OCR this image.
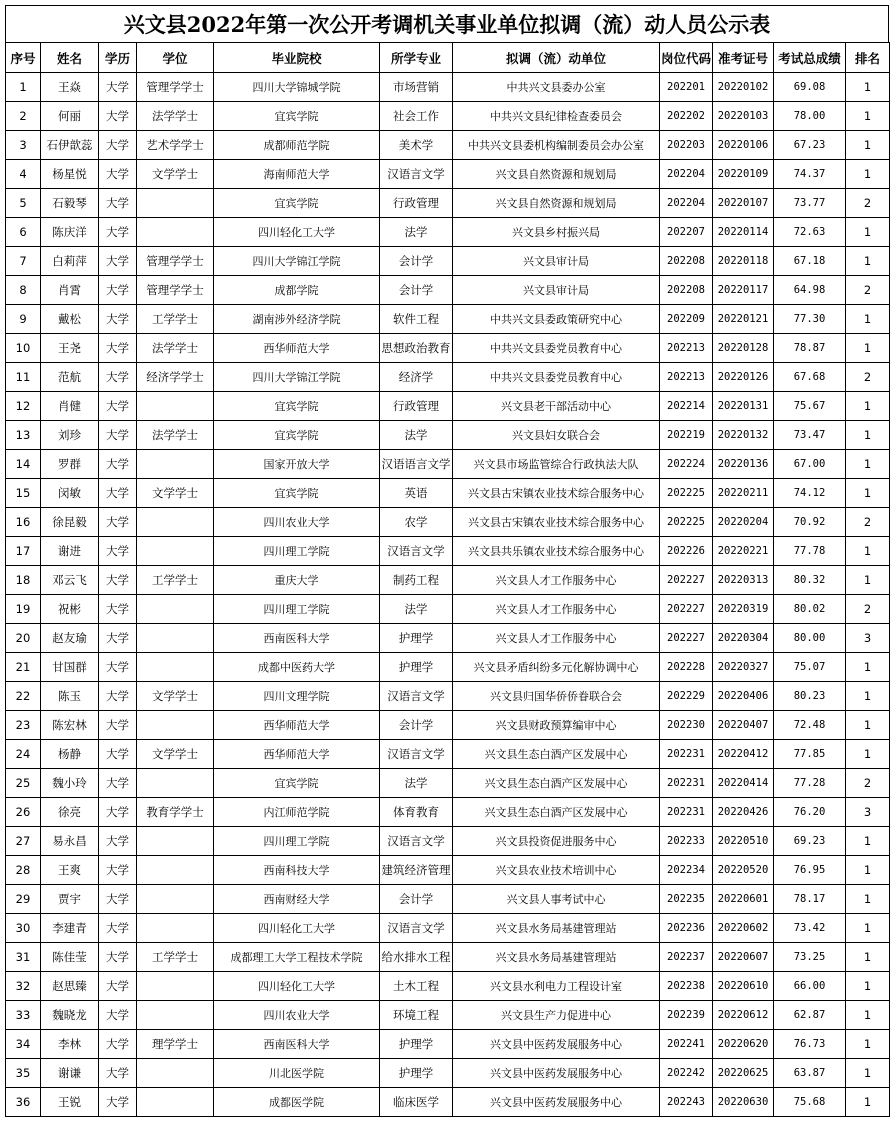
兴文县2022年第一次公开考调机关事业单位拟调（流）动人员公示表
序号	姓名	学历	学位	毕业院校	所学专业	拟调（流）动单位	岗位代码	准考证号	考试总成绩	排名
1	王焱	大学	管理学学士	四川大学锦城学院	市场营销	中共兴文县委办公室	202201	20220102	69.08	1
2	何丽	大学	法学学士	宜宾学院	社会工作	中共兴文县纪律检查委员会	202202	20220103	78.00	1
3	石伊歆蕊	大学	艺术学学士	成都师范学院	美术学	中共兴文县委机构编制委员会办公室	202203	20220106	67.23	1
4	杨星悦	大学	文学学士	海南师范大学	汉语言文学	兴文县自然资源和规划局	202204	20220109	74.37	1
5	石毅琴	大学		宜宾学院	行政管理	兴文县自然资源和规划局	202204	20220107	73.77	2
6	陈庆洋	大学		四川轻化工大学	法学	兴文县乡村振兴局	202207	20220114	72.63	1
7	白莉萍	大学	管理学学士	四川大学锦江学院	会计学	兴文县审计局	202208	20220118	67.18	1
8	肖霄	大学	管理学学士	成都学院	会计学	兴文县审计局	202208	20220117	64.98	2
9	戴松	大学	工学学士	湖南涉外经济学院	软件工程	中共兴文县委政策研究中心	202209	20220121	77.30	1
10	王尧	大学	法学学士	西华师范大学	思想政治教育	中共兴文县委党员教育中心	202213	20220128	78.87	1
11	范航	大学	经济学学士	四川大学锦江学院	经济学	中共兴文县委党员教育中心	202213	20220126	67.68	2
12	肖健	大学		宜宾学院	行政管理	兴文县老干部活动中心	202214	20220131	75.67	1
13	刘珍	大学	法学学士	宜宾学院	法学	兴文县妇女联合会	202219	20220132	73.47	1
14	罗群	大学		国家开放大学	汉语语言文学	兴文县市场监管综合行政执法大队	202224	20220136	67.00	1
15	闵敏	大学	文学学士	宜宾学院	英语	兴文县古宋镇农业技术综合服务中心	202225	20220211	74.12	1
16	徐昆毅	大学		四川农业大学	农学	兴文县古宋镇农业技术综合服务中心	202225	20220204	70.92	2
17	谢进	大学		四川理工学院	汉语言文学	兴文县共乐镇农业技术综合服务中心	202226	20220221	77.78	1
18	邓云飞	大学	工学学士	重庆大学	制药工程	兴文县人才工作服务中心	202227	20220313	80.32	1
19	祝彬	大学		四川理工学院	法学	兴文县人才工作服务中心	202227	20220319	80.02	2
20	赵友瑜	大学		西南医科大学	护理学	兴文县人才工作服务中心	202227	20220304	80.00	3
21	甘国群	大学		成都中医药大学	护理学	兴文县矛盾纠纷多元化解协调中心	202228	20220327	75.07	1
22	陈玉	大学	文学学士	四川文理学院	汉语言文学	兴文县归国华侨侨眷联合会	202229	20220406	80.23	1
23	陈宏林	大学		西华师范大学	会计学	兴文县财政预算编审中心	202230	20220407	72.48	1
24	杨静	大学	文学学士	西华师范大学	汉语言文学	兴文县生态白酒产区发展中心	202231	20220412	77.85	1
25	魏小玲	大学		宜宾学院	法学	兴文县生态白酒产区发展中心	202231	20220414	77.28	2
26	徐亮	大学	教育学学士	内江师范学院	体育教育	兴文县生态白酒产区发展中心	202231	20220426	76.20	3
27	易永昌	大学		四川理工学院	汉语言文学	兴文县投资促进服务中心	202233	20220510	69.23	1
28	王爽	大学		西南科技大学	建筑经济管理	兴文县农业技术培训中心	202234	20220520	76.95	1
29	贾宇	大学		西南财经大学	会计学	兴文县人事考试中心	202235	20220601	78.17	1
30	李建青	大学		四川轻化工大学	汉语言文学	兴文县水务局基建管理站	202236	20220602	73.42	1
31	陈佳莹	大学	工学学士	成都理工大学工程技术学院	给水排水工程	兴文县水务局基建管理站	202237	20220607	73.25	1
32	赵思臻	大学		四川轻化工大学	土木工程	兴文县水利电力工程设计室	202238	20220610	66.00	1
33	魏晓龙	大学		四川农业大学	环境工程	兴文县生产力促进中心	202239	20220612	62.87	1
34	李林	大学	理学学士	西南医科大学	护理学	兴文县中医药发展服务中心	202241	20220620	76.73	1
35	谢谦	大学		川北医学院	护理学	兴文县中医药发展服务中心	202242	20220625	63.87	1
36	王锐	大学		成都医学院	临床医学	兴文县中医药发展服务中心	202243	20220630	75.68	1
